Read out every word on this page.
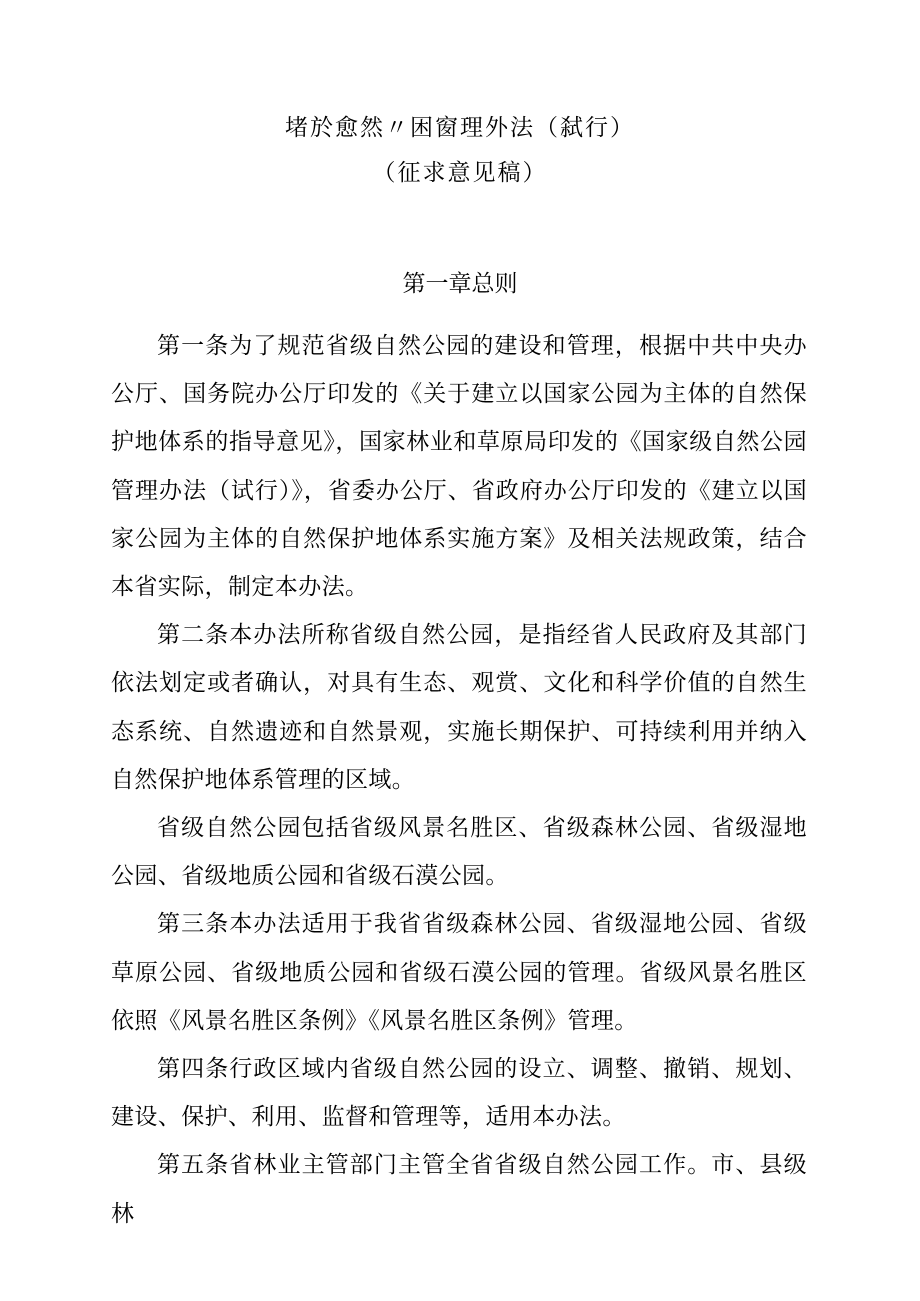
堵於愈然〃困窗理外法（弑行）
（征求意见稿）
第一章总则

第一条为了规范省级自然公园的建设和管理，根据中共中央办公厅、国务院办公厅印发的《关于建立以国家公园为主体的自然保护地体系的指导意见》，国家林业和草原局印发的《国家级自然公园管理办法（试行）》，省委办公厅、省政府办公厅印发的《建立以国家公园为主体的自然保护地体系实施方案》及相关法规政策，结合本省实际，制定本办法。

第二条本办法所称省级自然公园，是指经省人民政府及其部门依法划定或者确认，对具有生态、观赏、文化和科学价值的自然生态系统、自然遗迹和自然景观，实施长期保护、可持续利用并纳入自然保护地体系管理的区域。

省级自然公园包括省级风景名胜区、省级森林公园、省级湿地公园、省级地质公园和省级石漠公园。

第三条本办法适用于我省省级森林公园、省级湿地公园、省级草原公园、省级地质公园和省级石漠公园的管理。省级风景名胜区依照《风景名胜区条例》《风景名胜区条例》管理。

第四条行政区域内省级自然公园的设立、调整、撤销、规划、建设、保护、利用、监督和管理等，适用本办法。

第五条省林业主管部门主管全省省级自然公园工作。市、县级林
